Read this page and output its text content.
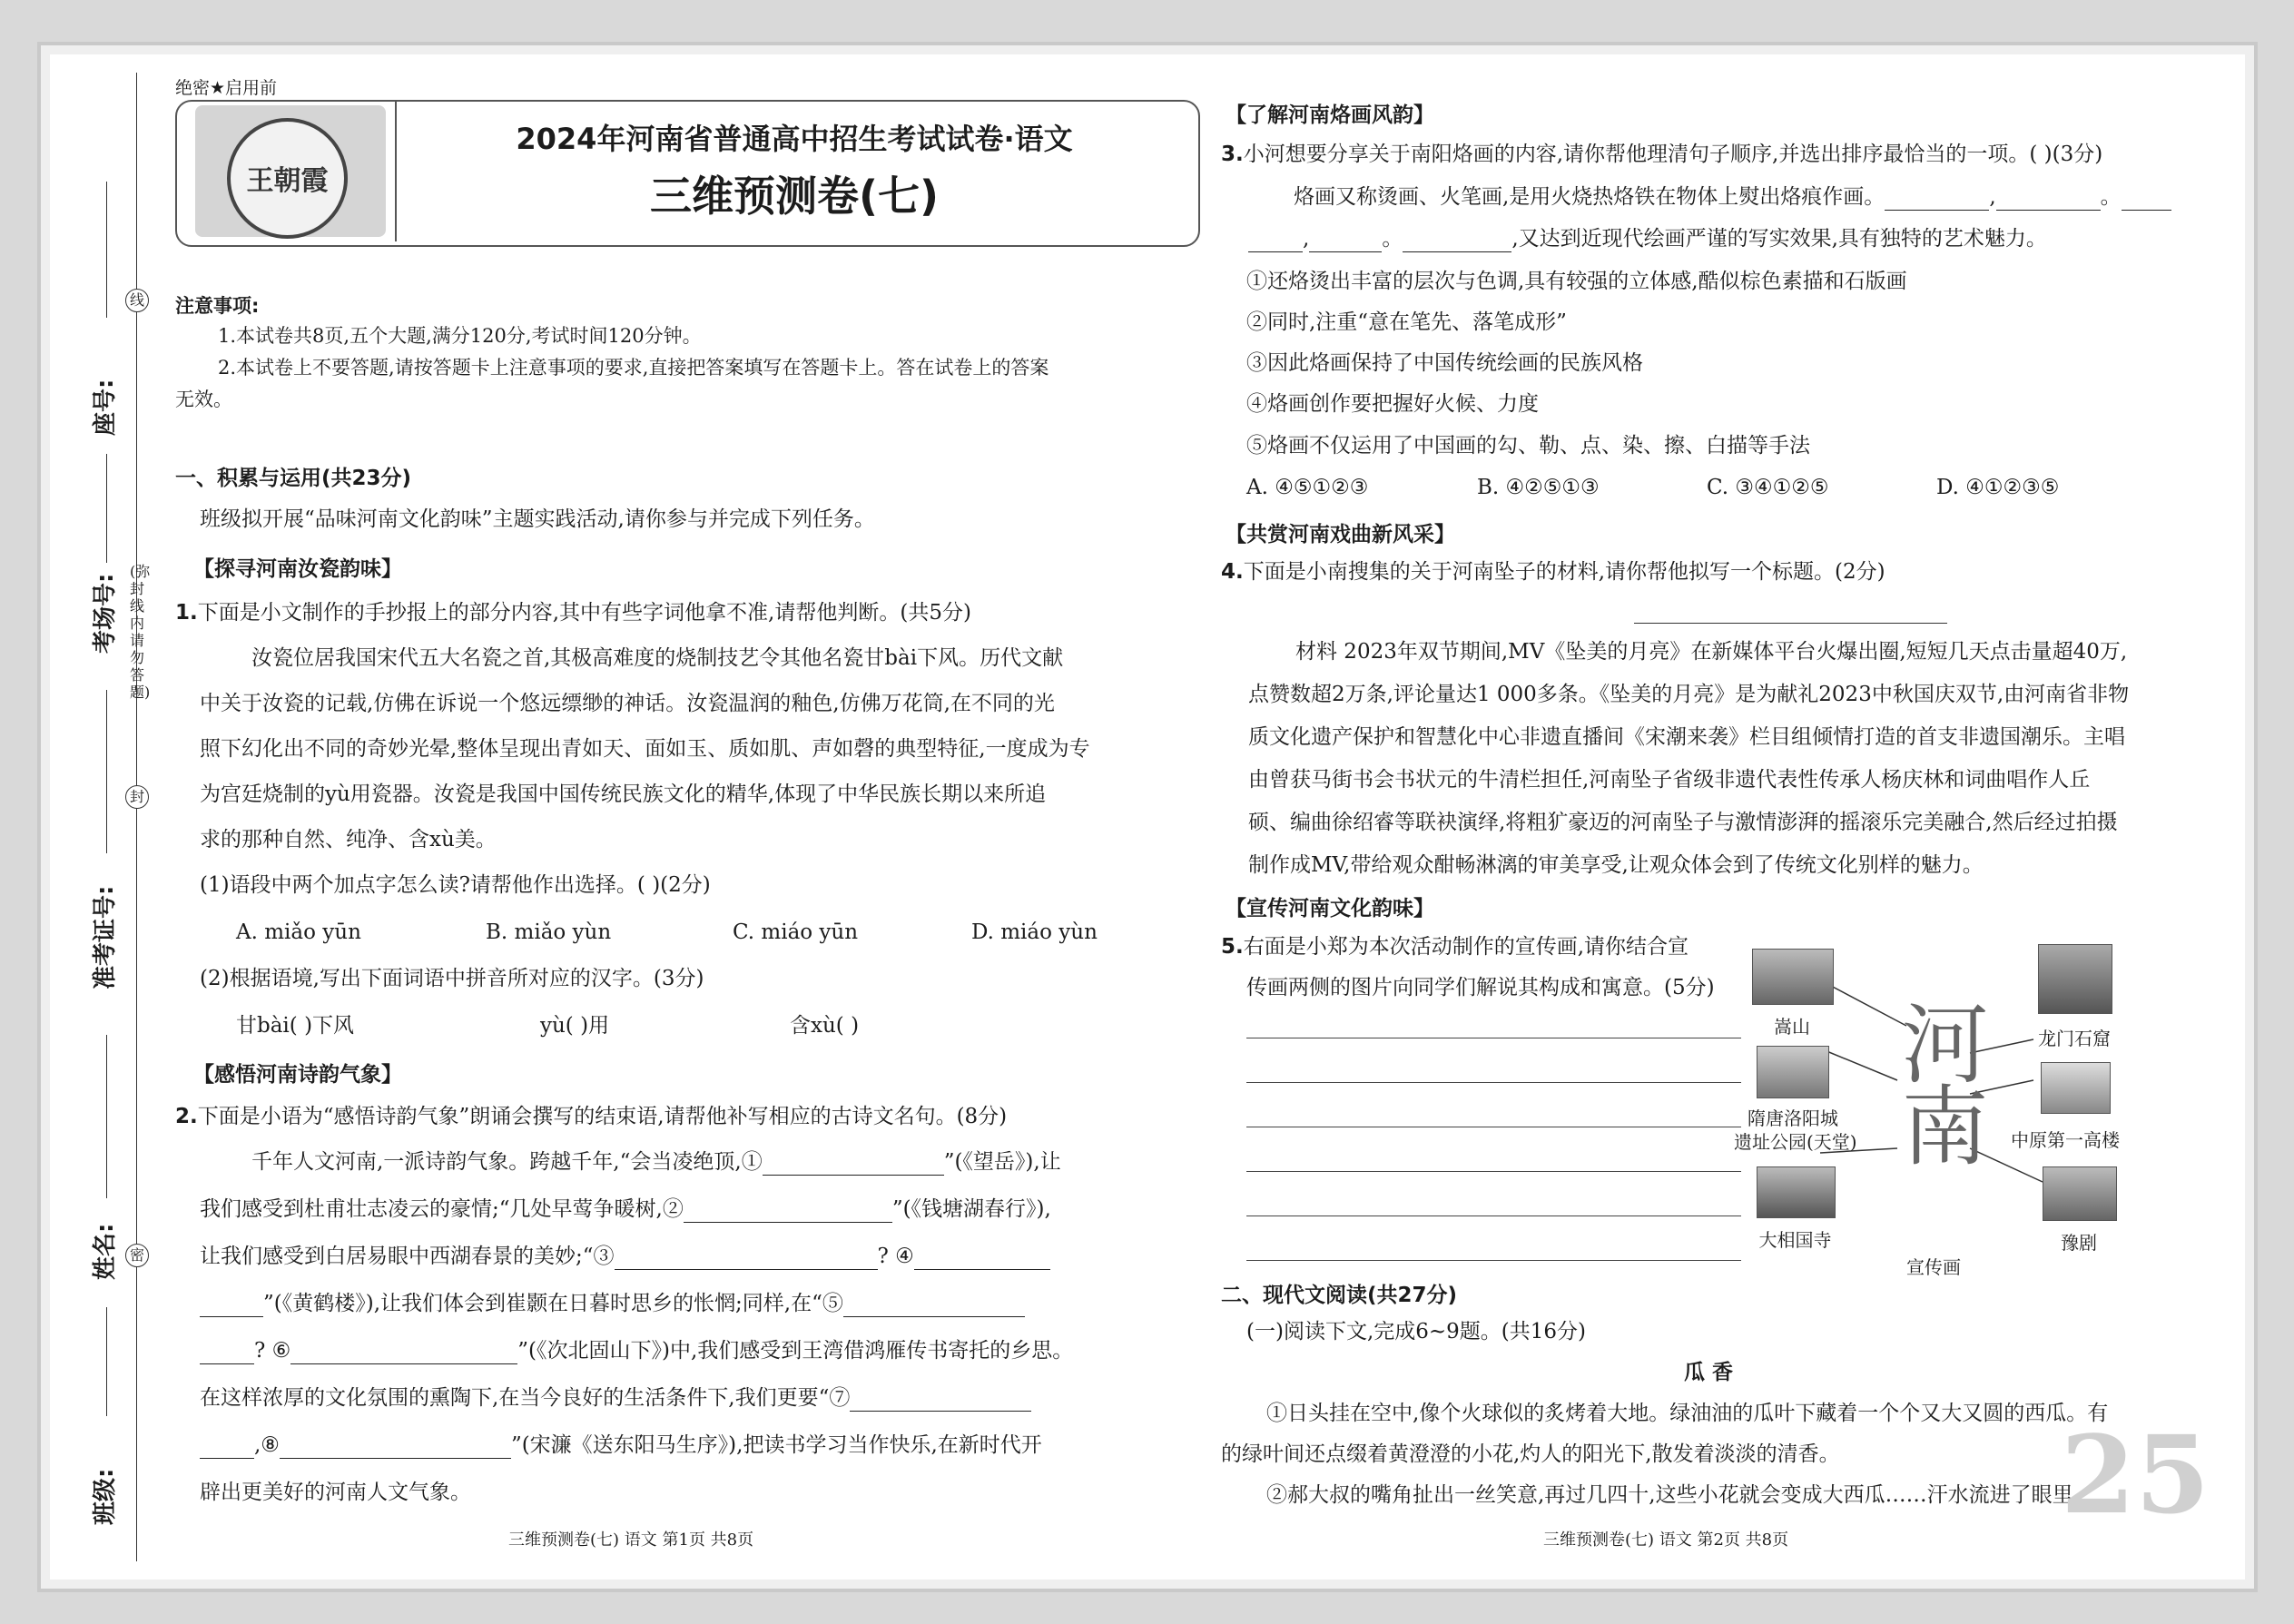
座号:
考场号:
准考证号:
姓名:
班级:
线
封
密
(弥封线内请勿答题)
绝密★启用前
王朝霞
2024年河南省普通高中招生考试试卷·语文
三维预测卷(七)
注意事项:
1.本试卷共8页,五个大题,满分120分,考试时间120分钟。
2.本试卷上不要答题,请按答题卡上注意事项的要求,直接把答案填写在答题卡上。答在试卷上的答案
无效。
一、积累与运用(共23分)
班级拟开展“品味河南文化韵味”主题实践活动,请你参与并完成下列任务。
【探寻河南汝瓷韵味】
1.下面是小文制作的手抄报上的部分内容,其中有些字词他拿不准,请帮他判断。(共5分)
汝瓷位居我国宋代五大名瓷之首,其极高难度的烧制技艺令其他名瓷甘bài下风。历代文献
中关于汝瓷的记载,仿佛在诉说一个悠远缥缈的神话。汝瓷温润的釉色,仿佛万花筒,在不同的光
照下幻化出不同的奇妙光晕,整体呈现出青如天、面如玉、质如肌、声如磬的典型特征,一度成为专
为宫廷烧制的yù用瓷器。汝瓷是我国中国传统民族文化的精华,体现了中华民族长期以来所追
求的那种自然、纯净、含xù美。
(1)语段中两个加点字怎么读?请帮他作出选择。( )(2分)
A. miǎo yūn	B. miǎo yùn	C. miáo yūn	D. miáo yùn
(2)根据语境,写出下面词语中拼音所对应的汉字。(3分)
甘bài( )下风	yù( )用	含xù( )
【感悟河南诗韵气象】
2.下面是小语为“感悟诗韵气象”朗诵会撰写的结束语,请帮他补写相应的古诗文名句。(8分)
千年人文河南,一派诗韵气象。跨越千年,“会当凌绝顶,①	”(《望岳》),让
我们感受到杜甫壮志凌云的豪情;“几处早莺争暖树,②	”(《钱塘湖春行》),
让我们感受到白居易眼中西湖春景的美妙;“③	? ④
”(《黄鹤楼》),让我们体会到崔颢在日暮时思乡的怅惘;同样,在“⑤
? ⑥	”(《次北固山下》)中,我们感受到王湾借鸿雁传书寄托的乡思。
在这样浓厚的文化氛围的熏陶下,在当今良好的生活条件下,我们更要“⑦
,⑧	”(宋濂《送东阳马生序》),把读书学习当作快乐,在新时代开
辟出更美好的河南人文气象。
三维预测卷(七) 语文 第1页 共8页
【了解河南烙画风韵】
3.小河想要分享关于南阳烙画的内容,请你帮他理清句子顺序,并选出排序最恰当的一项。( )(3分)
烙画又称烫画、火笔画,是用火烧热烙铁在物体上熨出烙痕作画。	,	。
,	。	,又达到近现代绘画严谨的写实效果,具有独特的艺术魅力。
①还烙烫出丰富的层次与色调,具有较强的立体感,酷似棕色素描和石版画
②同时,注重“意在笔先、落笔成形”
③因此烙画保持了中国传统绘画的民族风格
④烙画创作要把握好火候、力度
⑤烙画不仅运用了中国画的勾、勒、点、染、擦、白描等手法
A. ④⑤①②③	B. ④②⑤①③	C. ③④①②⑤	D. ④①②③⑤
【共赏河南戏曲新风采】
4.下面是小南搜集的关于河南坠子的材料,请你帮他拟写一个标题。(2分)
材料 2023年双节期间,MV《坠美的月亮》在新媒体平台火爆出圈,短短几天点击量超40万,
点赞数超2万条,评论量达1 000多条。《坠美的月亮》是为献礼2023中秋国庆双节,由河南省非物
质文化遗产保护和智慧化中心非遗直播间《宋潮来袭》栏目组倾情打造的首支非遗国潮乐。主唱
由曾获马街书会书状元的牛清栏担任,河南坠子省级非遗代表性传承人杨庆林和词曲唱作人丘
硕、编曲徐绍睿等联袂演绎,将粗犷豪迈的河南坠子与激情澎湃的摇滚乐完美融合,然后经过拍摄
制作成MV,带给观众酣畅淋漓的审美享受,让观众体会到了传统文化别样的魅力。
【宣传河南文化韵味】
5.右面是小郑为本次活动制作的宣传画,请你结合宣
传画两侧的图片向同学们解说其构成和寓意。(5分)
嵩山
隋唐洛阳城
遗址公园(天堂)
大相国寺
河南
宣传画
龙门石窟
中原第一高楼
豫剧
二、现代文阅读(共27分)
(一)阅读下文,完成6~9题。(共16分)
瓜 香
①日头挂在空中,像个火球似的炙烤着大地。绿油油的瓜叶下藏着一个个又大又圆的西瓜。有
的绿叶间还点缀着黄澄澄的小花,灼人的阳光下,散发着淡淡的清香。
②郝大叔的嘴角扯出一丝笑意,再过几四十,这些小花就会变成大西瓜……汗水流进了眼里,
25
三维预测卷(七) 语文 第2页 共8页
